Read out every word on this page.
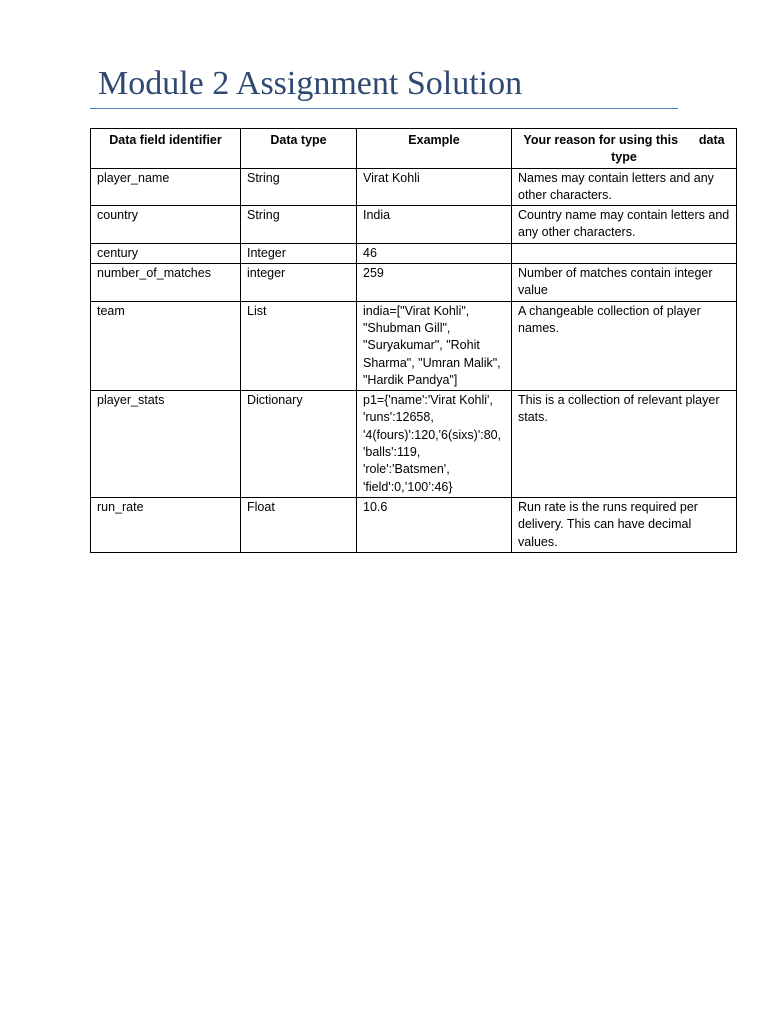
Module 2 Assignment Solution
Data field identifier	Data type	Example	Your reason for using this      data type
player_name	String	Virat Kohli	Names may contain letters and any other characters.
country	String	India	Country name may contain letters and any other characters.
century	Integer	46	
number_of_matches	integer	259	Number of matches contain integer value
team	List	india=["Virat Kohli", "Shubman Gill", "Suryakumar", "Rohit Sharma", "Umran Malik", "Hardik Pandya"]	A changeable collection of player names.
player_stats	Dictionary	p1={'name':'Virat Kohli', 'runs':12658, '4(fours)':120,'6(sixs)':80, 'balls':119, 'role':'Batsmen', 'field':0,’100’:46}	This is a collection of relevant player stats.
run_rate	Float	10.6	Run rate is the runs required per delivery. This can have decimal values.
